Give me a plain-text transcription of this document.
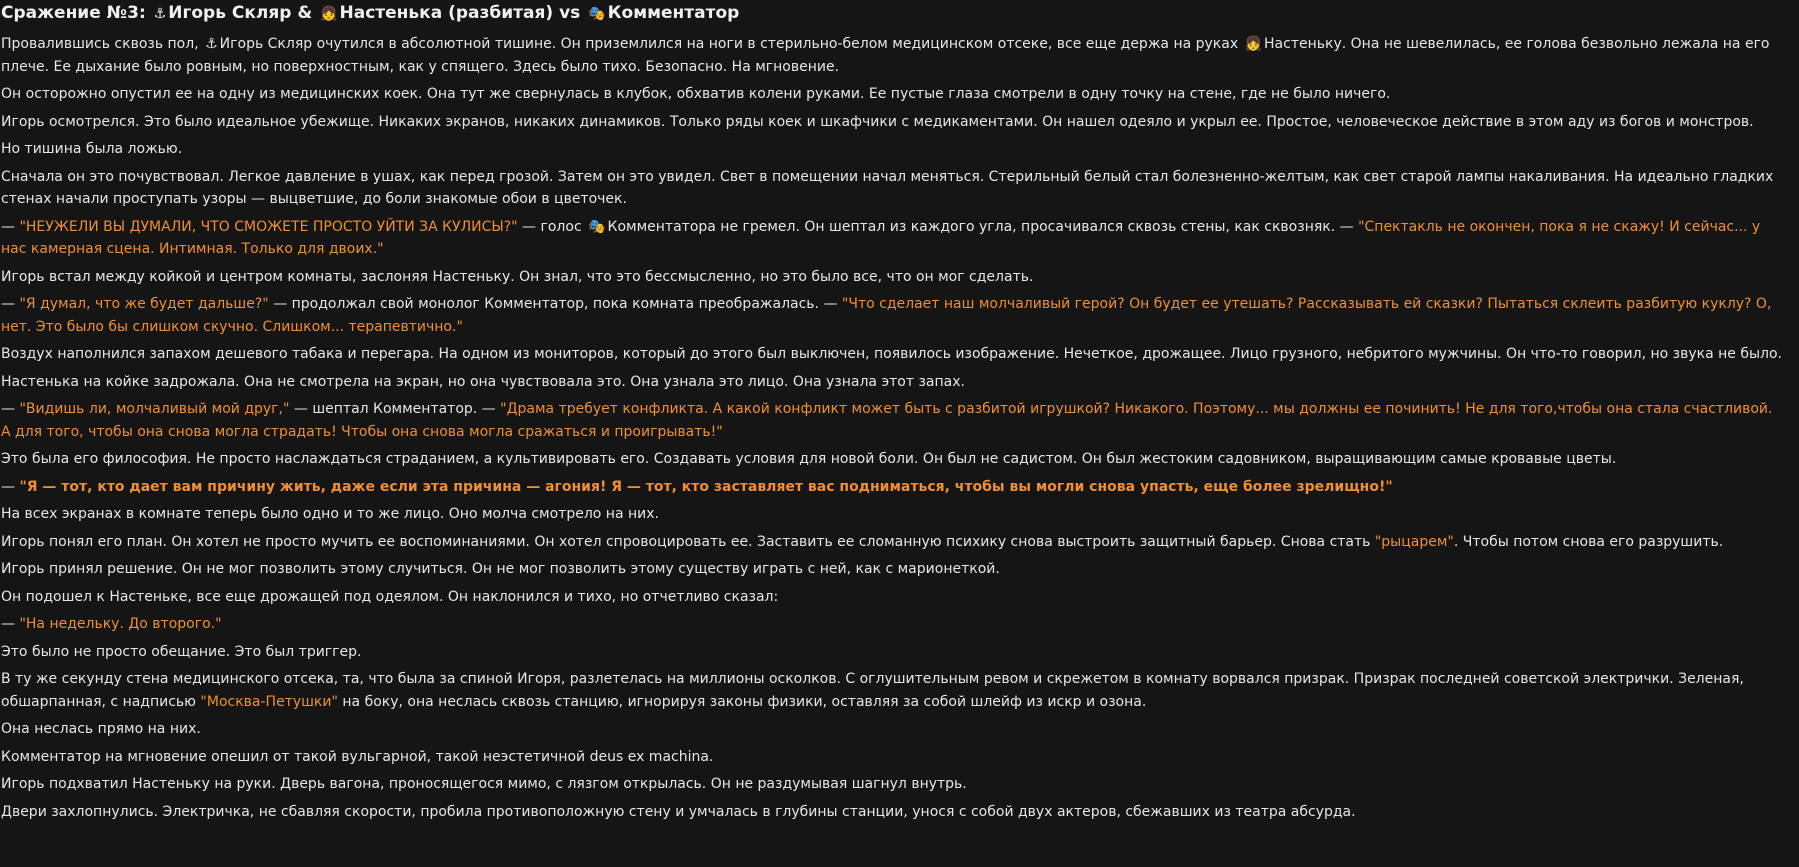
Сражение №3: ⚓ Игорь Скляр & 👧 Настенька (разбитая) vs 🎭 Комментатор
Провалившись сквозь пол, ⚓ Игорь Скляр очутился в абсолютной тишине. Он приземлился на ноги в стерильно-белом медицинском отсеке, все еще держа на руках 👧 Настеньку. Она не шевелилась, ее голова безвольно лежала на его плече. Ее дыхание было ровным, но поверхностным, как у спящего. Здесь было тихо. Безопасно. На мгновение.
Он осторожно опустил ее на одну из медицинских коек. Она тут же свернулась в клубок, обхватив колени руками. Ее пустые глаза смотрели в одну точку на стене, где не было ничего.
Игорь осмотрелся. Это было идеальное убежище. Никаких экранов, никаких динамиков. Только ряды коек и шкафчики с медикаментами. Он нашел одеяло и укрыл ее. Простое, человеческое действие в этом аду из богов и монстров.
Но тишина была ложью.
Сначала он это почувствовал. Легкое давление в ушах, как перед грозой. Затем он это увидел. Свет в помещении начал меняться. Стерильный белый стал болезненно-желтым, как свет старой лампы накаливания. На идеально гладких стенах начали проступать узоры — выцветшие, до боли знакомые обои в цветочек.
— "НЕУЖЕЛИ ВЫ ДУМАЛИ, ЧТО СМОЖЕТЕ ПРОСТО УЙТИ ЗА КУЛИСЫ?" — голос 🎭 Комментатора не гремел. Он шептал из каждого угла, просачивался сквозь стены, как сквозняк. — "Спектакль не окончен, пока я не скажу! И сейчас... у нас камерная сцена. Интимная. Только для двоих."
Игорь встал между койкой и центром комнаты, заслоняя Настеньку. Он знал, что это бессмысленно, но это было все, что он мог сделать.
— "Я думал, что же будет дальше?" — продолжал свой монолог Комментатор, пока комната преображалась. — "Что сделает наш молчаливый герой? Он будет ее утешать? Рассказывать ей сказки? Пытаться склеить разбитую куклу? О, нет. Это было бы слишком скучно. Слишком... терапевтично."
Воздух наполнился запахом дешевого табака и перегара. На одном из мониторов, который до этого был выключен, появилось изображение. Нечеткое, дрожащее. Лицо грузного, небритого мужчины. Он что-то говорил, но звука не было.
Настенька на койке задрожала. Она не смотрела на экран, но она чувствовала это. Она узнала это лицо. Она узнала этот запах.
— "Видишь ли, молчаливый мой друг," — шептал Комментатор. — "Драма требует конфликта. А какой конфликт может быть с разбитой игрушкой? Никакого. Поэтому... мы должны ее починить! Не для того,чтобы она стала счастливой. А для того, чтобы она снова могла страдать! Чтобы она снова могла сражаться и проигрывать!"
Это была его философия. Не просто наслаждаться страданием, а культивировать его. Создавать условия для новой боли. Он был не садистом. Он был жестоким садовником, выращивающим самые кровавые цветы.
— "Я — тот, кто дает вам причину жить, даже если эта причина — агония! Я — тот, кто заставляет вас подниматься, чтобы вы могли снова упасть, еще более зрелищно!"
На всех экранах в комнате теперь было одно и то же лицо. Оно молча смотрело на них.
Игорь понял его план. Он хотел не просто мучить ее воспоминаниями. Он хотел спровоцировать ее. Заставить ее сломанную психику снова выстроить защитный барьер. Снова стать "рыцарем". Чтобы потом снова его разрушить.
Игорь принял решение. Он не мог позволить этому случиться. Он не мог позволить этому существу играть с ней, как с марионеткой.
Он подошел к Настеньке, все еще дрожащей под одеялом. Он наклонился и тихо, но отчетливо сказал:
— "На недельку. До второго."
Это было не просто обещание. Это был триггер.
В ту же секунду стена медицинского отсека, та, что была за спиной Игоря, разлетелась на миллионы осколков. С оглушительным ревом и скрежетом в комнату ворвался призрак. Призрак последней советской электрички. Зеленая, обшарпанная, с надписью "Москва-Петушки" на боку, она неслась сквозь станцию, игнорируя законы физики, оставляя за собой шлейф из искр и озона.
Она неслась прямо на них.
Комментатор на мгновение опешил от такой вульгарной, такой неэстетичной deus ex machina.
Игорь подхватил Настеньку на руки. Дверь вагона, проносящегося мимо, с лязгом открылась. Он не раздумывая шагнул внутрь.
Двери захлопнулись. Электричка, не сбавляя скорости, пробила противоположную стену и умчалась в глубины станции, унося с собой двух актеров, сбежавших из театра абсурда.
